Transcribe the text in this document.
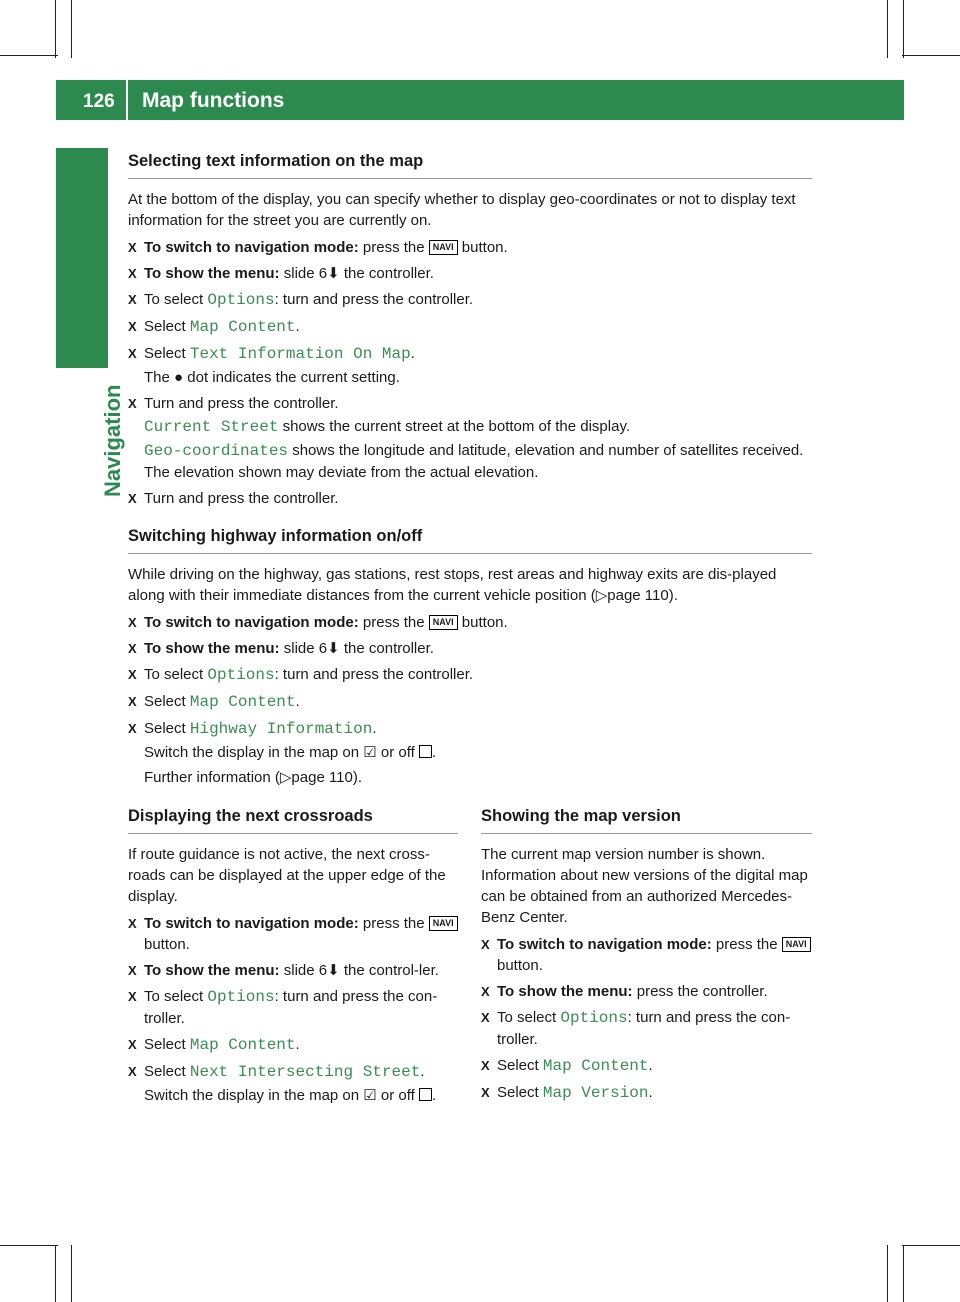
126 Map functions
Navigation
Selecting text information on the map

At the bottom of the display, you can specify whether to display geo-coordinates or not to display text information for the street you are currently on.

X To switch to navigation mode: press the NAVI button.
X To show the menu: slide 6⬇ the controller.
X To select Options: turn and press the controller.
X Select Map Content.
X Select Text Information On Map.
The ● dot indicates the current setting.
X Turn and press the controller.
Current Street shows the current street at the bottom of the display.
Geo-coordinates shows the longitude and latitude, elevation and number of satellites received. The elevation shown may deviate from the actual elevation.
X Turn and press the controller.
Switching highway information on/off

While driving on the highway, gas stations, rest stops, rest areas and highway exits are dis-played along with their immediate distances from the current vehicle position (▷page 110).

X To switch to navigation mode: press the NAVI button.
X To show the menu: slide 6⬇ the controller.
X To select Options: turn and press the controller.
X Select Map Content.
X Select Highway Information.
Switch the display in the map on ☑ or off .
Further information (▷page 110).
Displaying the next crossroads

If route guidance is not active, the next cross-roads can be displayed at the upper edge of the display.

X To switch to navigation mode: press the NAVI button.
X To show the menu: slide 6⬇ the control-ler.
X To select Options: turn and press the con-troller.
X Select Map Content.
X Select Next Intersecting Street.
Switch the display in the map on ☑ or off .
Showing the map version

The current map version number is shown. Information about new versions of the digital map can be obtained from an authorized Mercedes-Benz Center.

X To switch to navigation mode: press the NAVI button.
X To show the menu: press the controller.
X To select Options: turn and press the con-troller.
X Select Map Content.
X Select Map Version.
